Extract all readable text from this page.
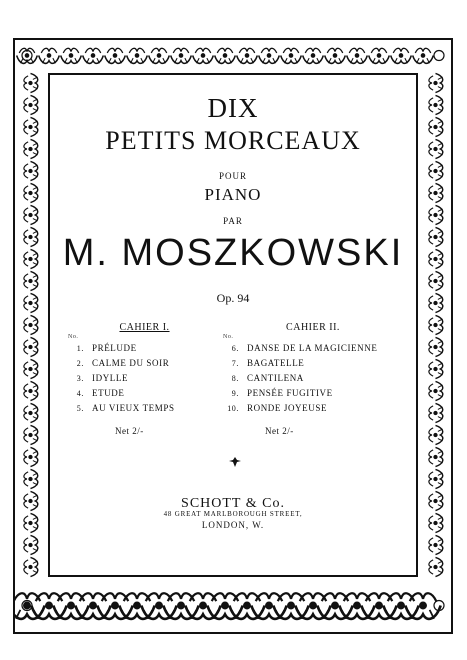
DIX
PETITS MORCEAUX
POUR
PIANO
PAR
M. MOSZKOWSKI
Op. 94
CAHIER I.
No.
1. PRÉLUDE
2. CALME DU SOIR
3. IDYLLE
4. ETUDE
5. AU VIEUX TEMPS
CAHIER II.
No.
6. DANSE DE LA MAGICIENNE
7. BAGATELLE
8. CANTILENA
9. PENSÉE FUGITIVE
10. RONDE JOYEUSE
Net 2/-	Net 2/-
SCHOTT & Co.
48 GREAT MARLBOROUGH STREET,
LONDON, W.
